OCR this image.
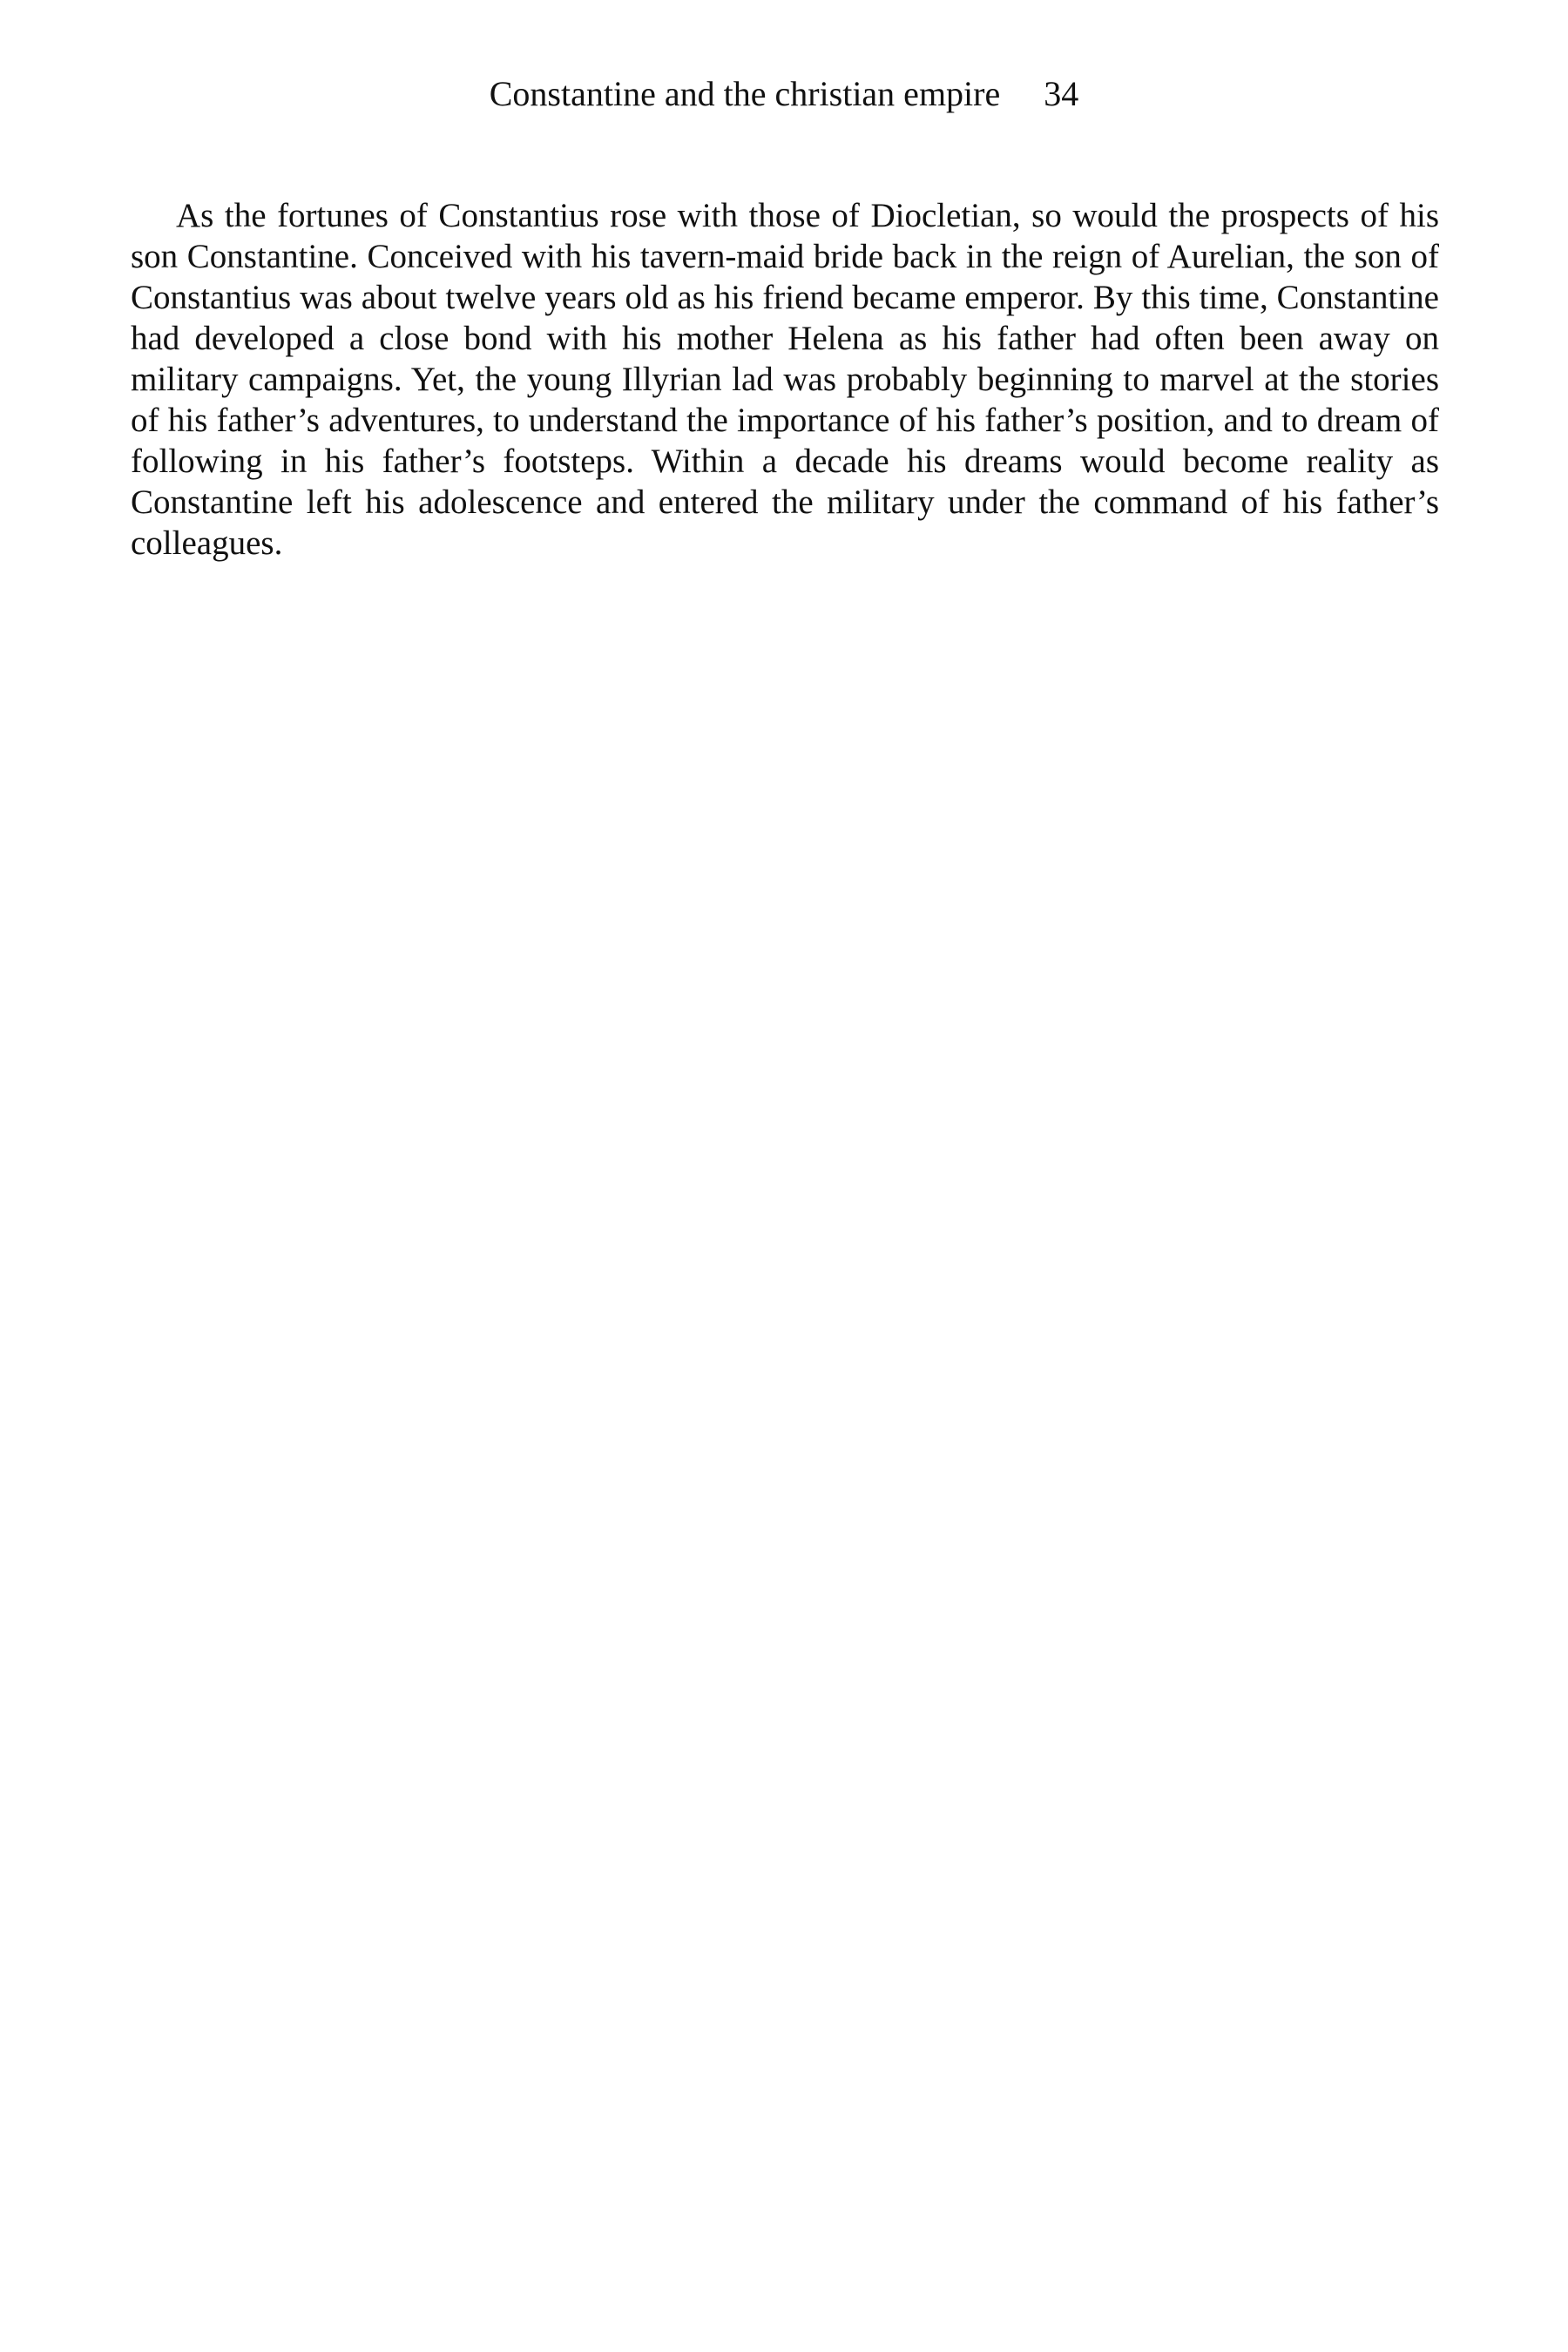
Constantine and the christian empire 34

As the fortunes of Constantius rose with those of Diocletian, so would the prospects of his son Constantine. Conceived with his tavern-maid bride back in the reign of Aurelian, the son of Constantius was about twelve years old as his friend became emperor. By this time, Constantine had developed a close bond with his mother Helena as his father had often been away on military campaigns. Yet, the young Illyrian lad was probably beginning to marvel at the stories of his father’s adventures, to understand the importance of his father’s position, and to dream of following in his father’s footsteps. Within a decade his dreams would become reality as Constantine left his adolescence and entered the military under the command of his father’s colleagues.
